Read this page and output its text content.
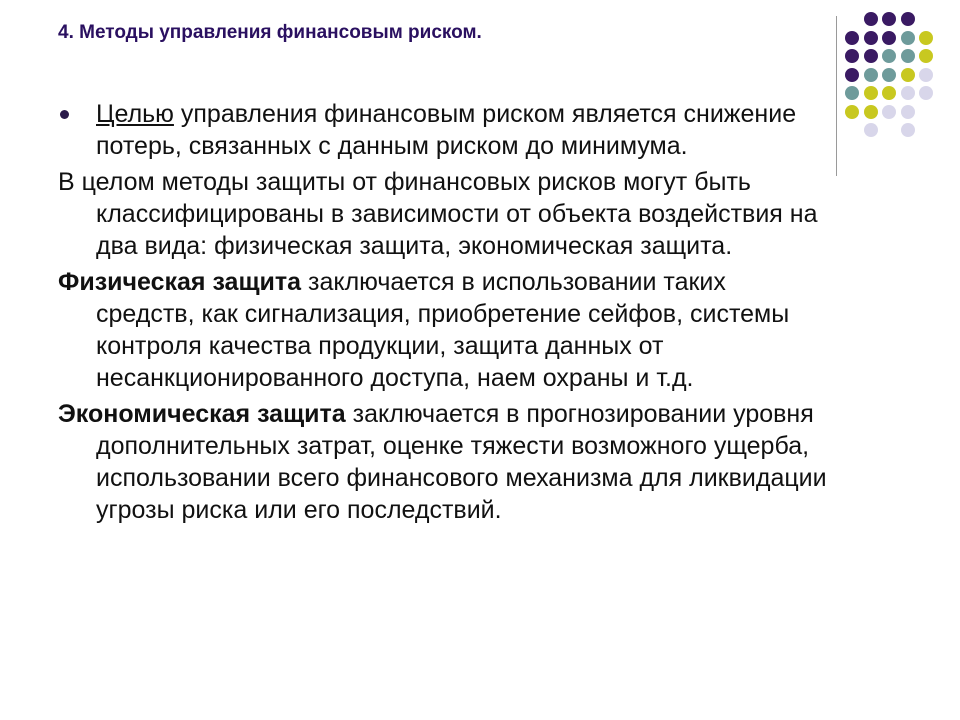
4. Методы управления финансовым риском.

Целью управления финансовым риском является снижение потерь, связанных с данным риском до минимума.

В целом методы защиты от финансовых рисков могут быть классифицированы в зависимости от объекта воздействия на два вида: физическая защита, экономическая защита.

Физическая защита заключается в использовании таких средств, как сигнализация, приобретение сейфов, системы контроля качества продукции, защита данных от несанкционированного доступа, наем охраны и т.д.

Экономическая защита заключается в прогнозировании уровня дополнительных затрат, оценке тяжести возможного ущерба, использовании всего финансового механизма для ликвидации угрозы риска или его последствий.
